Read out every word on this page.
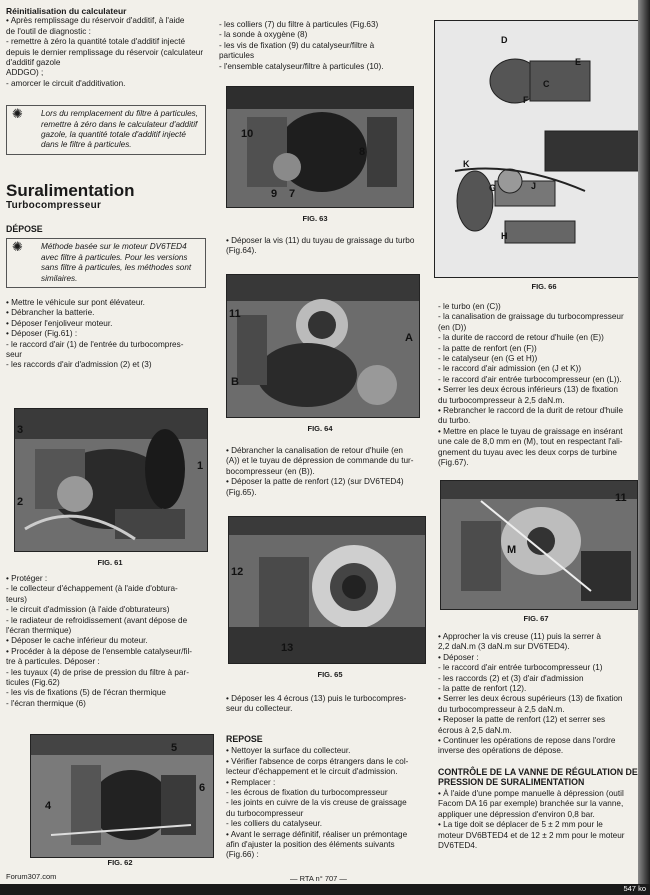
Réinitialisation du calculateur
• Après remplissage du réservoir d'additif, à l'aide
de l'outil de diagnostic :
- remettre à zéro la quantité totale d'additif injecté
depuis le dernier remplissage du réservoir (calculateur d'additif gazole
ADDGO) ;
- amorcer le circuit d'additivation.
✺ Lors du remplacement du filtre à particules, remettre à zéro dans le calculateur d'additif gazole, la quantité totale d'additif injecté dans le filtre à particules.
Suralimentation
Turbocompresseur
DÉPOSE
✺ Méthode basée sur le moteur DV6TED4 avec filtre à particules. Pour les versions sans filtre à particules, les méthodes sont similaires.
• Mettre le véhicule sur pont élévateur.
• Débrancher la batterie.
• Déposer l'enjoliveur moteur.
• Déposer (Fig.61) :
- le raccord d'air (1) de l'entrée du turbocompres-
seur
- les raccords d'air d'admission (2) et (3)
3
2
1
FIG. 61
• Protéger :
- le collecteur d'échappement (à l'aide d'obtura-
teurs)
- le circuit d'admission (à l'aide d'obturateurs)
- le radiateur de refroidissement (avant dépose de
l'écran thermique)
• Déposer le cache inférieur du moteur.
• Procéder à la dépose de l'ensemble catalyseur/fil-
tre à particules. Déposer :
- les tuyaux (4) de prise de pression du filtre à par-
ticules (Fig.62)
- les vis de fixations (5) de l'écran thermique
- l'écran thermique (6)
4
5
6
FIG. 62
Forum307.com
- les colliers (7) du filtre à particules (Fig.63)
- la sonde à oxygène (8)
- les vis de fixation (9) du catalyseur/filtre à
particules
- l'ensemble catalyseur/filtre à particules (10).
10
8
9 7
FIG. 63
• Déposer la vis (11) du tuyau de graissage du turbo
(Fig.64).
11
A
B
FIG. 64
• Débrancher la canalisation de retour d'huile (en
(A)) et le tuyau de dépression de commande du tur-
bocompresseur (en (B)).
• Déposer la patte de renfort (12) (sur DV6TED4)
(Fig.65).
12
13
FIG. 65
• Déposer les 4 écrous (13) puis le turbocompres-
seur du collecteur.
REPOSE
• Nettoyer la surface du collecteur.
• Vérifier l'absence de corps étrangers dans le col-
lecteur d'échappement et le circuit d'admission.
• Remplacer :
- les écrous de fixation du turbocompresseur
- les joints en cuivre de la vis creuse de graissage
du turbocompresseur
- les colliers du catalyseur.
• Avant le serrage définitif, réaliser un prémontage
afin d'ajuster la position des éléments suivants
(Fig.66) :
— RTA n° 707 —
D
C
E
F
K
G
H
J
FIG. 66
- le turbo (en (C))
- la canalisation de graissage du turbocompresseur
(en (D))
- la durite de raccord de retour d'huile (en (E))
- la patte de renfort (en (F))
- le catalyseur (en (G et H))
- le raccord d'air admission (en (J et K))
- le raccord d'air entrée turbocompresseur (en (L)).
• Serrer les deux écrous inférieurs (13) de fixation
du turbocompresseur à 2,5 daN.m.
• Rebrancher le raccord de la durit de retour d'huile
du turbo.
• Mettre en place le tuyau de graissage en insérant
une cale de 8,0 mm en (M), tout en respectant l'ali-
gnement du tuyau avec les deux corps de turbine
(Fig.67).
11
M
FIG. 67
• Approcher la vis creuse (11) puis la serrer à
2,2 daN.m (3 daN.m sur DV6TED4).
• Déposer :
- le raccord d'air entrée turbocompresseur (1)
- les raccords (2) et (3) d'air d'admission
- la patte de renfort (12).
• Serrer les deux écrous supérieurs (13) de fixation
du turbocompresseur à 2,5 daN.m.
• Reposer la patte de renfort (12) et serrer ses
écrous à 2,5 daN.m.
• Continuer les opérations de repose dans l'ordre
inverse des opérations de dépose.
CONTRÔLE DE LA VANNE DE RÉGULATION DE PRESSION DE SURALIMENTATION
• À l'aide d'une pompe manuelle à dépression (outil
Facom DA 16 par exemple) branchée sur la vanne,
appliquer une dépression d'environ 0,8 bar.
• La tige doit se déplacer de 5 ± 2 mm pour le
moteur DV6BTED4 et de 12 ± 2 mm pour le moteur
DV6TED4.
547 ko
